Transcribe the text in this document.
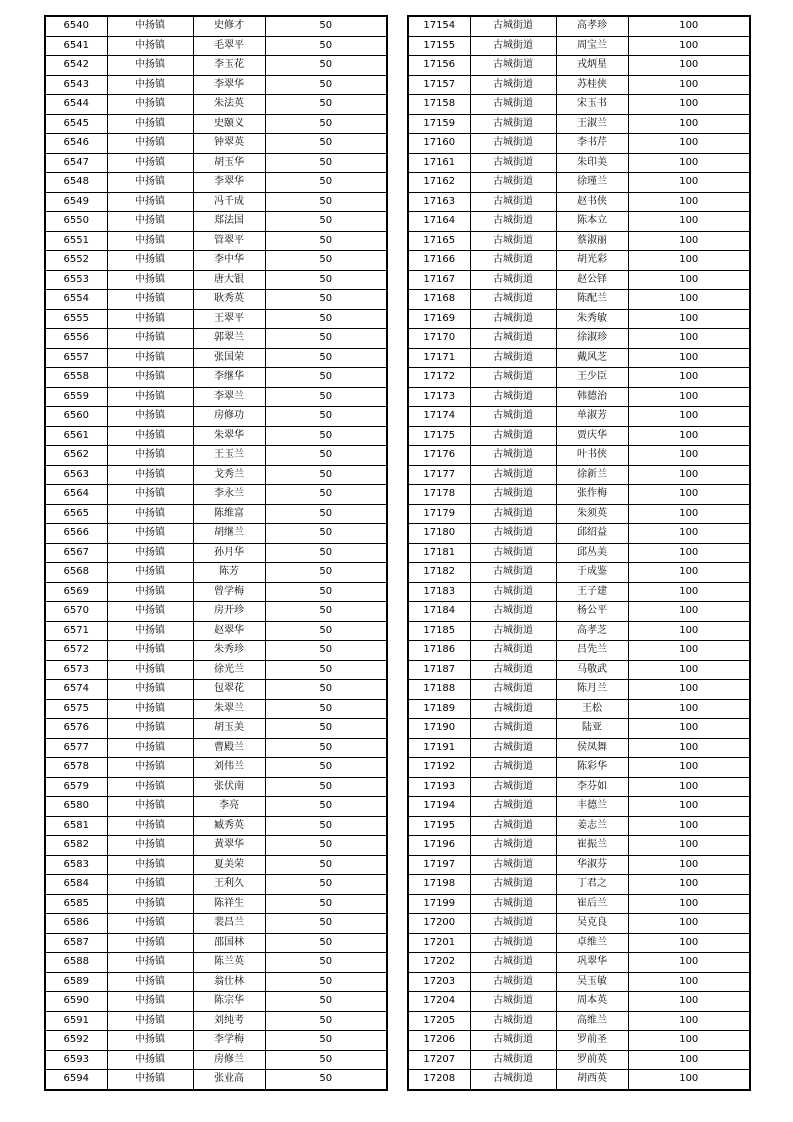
6540	中扬镇	史修才	50
6541	中扬镇	毛翠平	50
6542	中扬镇	李玉花	50
6543	中扬镇	李翠华	50
6544	中扬镇	朱法英	50
6545	中扬镇	史颐义	50
6546	中扬镇	钟翠英	50
6547	中扬镇	胡玉华	50
6548	中扬镇	李翠华	50
6549	中扬镇	冯千成	50
6550	中扬镇	郑法国	50
6551	中扬镇	管翠平	50
6552	中扬镇	李中华	50
6553	中扬镇	唐大银	50
6554	中扬镇	耿秀英	50
6555	中扬镇	王翠平	50
6556	中扬镇	郭翠兰	50
6557	中扬镇	张国荣	50
6558	中扬镇	李继华	50
6559	中扬镇	李翠兰	50
6560	中扬镇	房修功	50
6561	中扬镇	朱翠华	50
6562	中扬镇	王玉兰	50
6563	中扬镇	戈秀兰	50
6564	中扬镇	李永兰	50
6565	中扬镇	陈维富	50
6566	中扬镇	胡继兰	50
6567	中扬镇	孙月华	50
6568	中扬镇	陈芳	50
6569	中扬镇	曾学梅	50
6570	中扬镇	房开珍	50
6571	中扬镇	赵翠华	50
6572	中扬镇	朱秀珍	50
6573	中扬镇	徐光兰	50
6574	中扬镇	包翠花	50
6575	中扬镇	朱翠兰	50
6576	中扬镇	胡玉美	50
6577	中扬镇	曹殿兰	50
6578	中扬镇	刘伟兰	50
6579	中扬镇	张伏南	50
6580	中扬镇	李亮	50
6581	中扬镇	臧秀英	50
6582	中扬镇	黄翠华	50
6583	中扬镇	夏美荣	50
6584	中扬镇	王利久	50
6585	中扬镇	陈祥生	50
6586	中扬镇	裴昌兰	50
6587	中扬镇	邵国林	50
6588	中扬镇	陈兰英	50
6589	中扬镇	翁仕林	50
6590	中扬镇	陈宗华	50
6591	中扬镇	刘纯考	50
6592	中扬镇	李学梅	50
6593	中扬镇	房修兰	50
6594	中扬镇	张业高	50
17154	古城街道	高孝珍	100
17155	古城街道	周宝兰	100
17156	古城街道	戎炳星	100
17157	古城街道	苏桂侠	100
17158	古城街道	宋玉书	100
17159	古城街道	王淑兰	100
17160	古城街道	李书芹	100
17161	古城街道	朱印美	100
17162	古城街道	徐瑾兰	100
17163	古城街道	赵书侠	100
17164	古城街道	陈本立	100
17165	古城街道	蔡淑丽	100
17166	古城街道	胡光彩	100
17167	古城街道	赵公铎	100
17168	古城街道	陈配兰	100
17169	古城街道	朱秀敏	100
17170	古城街道	徐淑珍	100
17171	古城街道	戴风芝	100
17172	古城街道	王少臣	100
17173	古城街道	韩德治	100
17174	古城街道	单淑芳	100
17175	古城街道	贾庆华	100
17176	古城街道	叶书侠	100
17177	古城街道	徐新兰	100
17178	古城街道	张作梅	100
17179	古城街道	朱须英	100
17180	古城街道	邱绍益	100
17181	古城街道	邱丛美	100
17182	古城街道	于成鉴	100
17183	古城街道	王子建	100
17184	古城街道	杨公平	100
17185	古城街道	高孝芝	100
17186	古城街道	吕先兰	100
17187	古城街道	马敬武	100
17188	古城街道	陈月兰	100
17189	古城街道	王松	100
17190	古城街道	陆亚	100
17191	古城街道	侯凤舞	100
17192	古城街道	陈彩华	100
17193	古城街道	李芬如	100
17194	古城街道	丰德兰	100
17195	古城街道	姜志兰	100
17196	古城街道	崔振兰	100
17197	古城街道	华淑芬	100
17198	古城街道	丁君之	100
17199	古城街道	崔后兰	100
17200	古城街道	吴克良	100
17201	古城街道	卓维兰	100
17202	古城街道	巩翠华	100
17203	古城街道	吴玉敏	100
17204	古城街道	周本英	100
17205	古城街道	高维兰	100
17206	古城街道	罗前圣	100
17207	古城街道	罗前英	100
17208	古城街道	胡西英	100
